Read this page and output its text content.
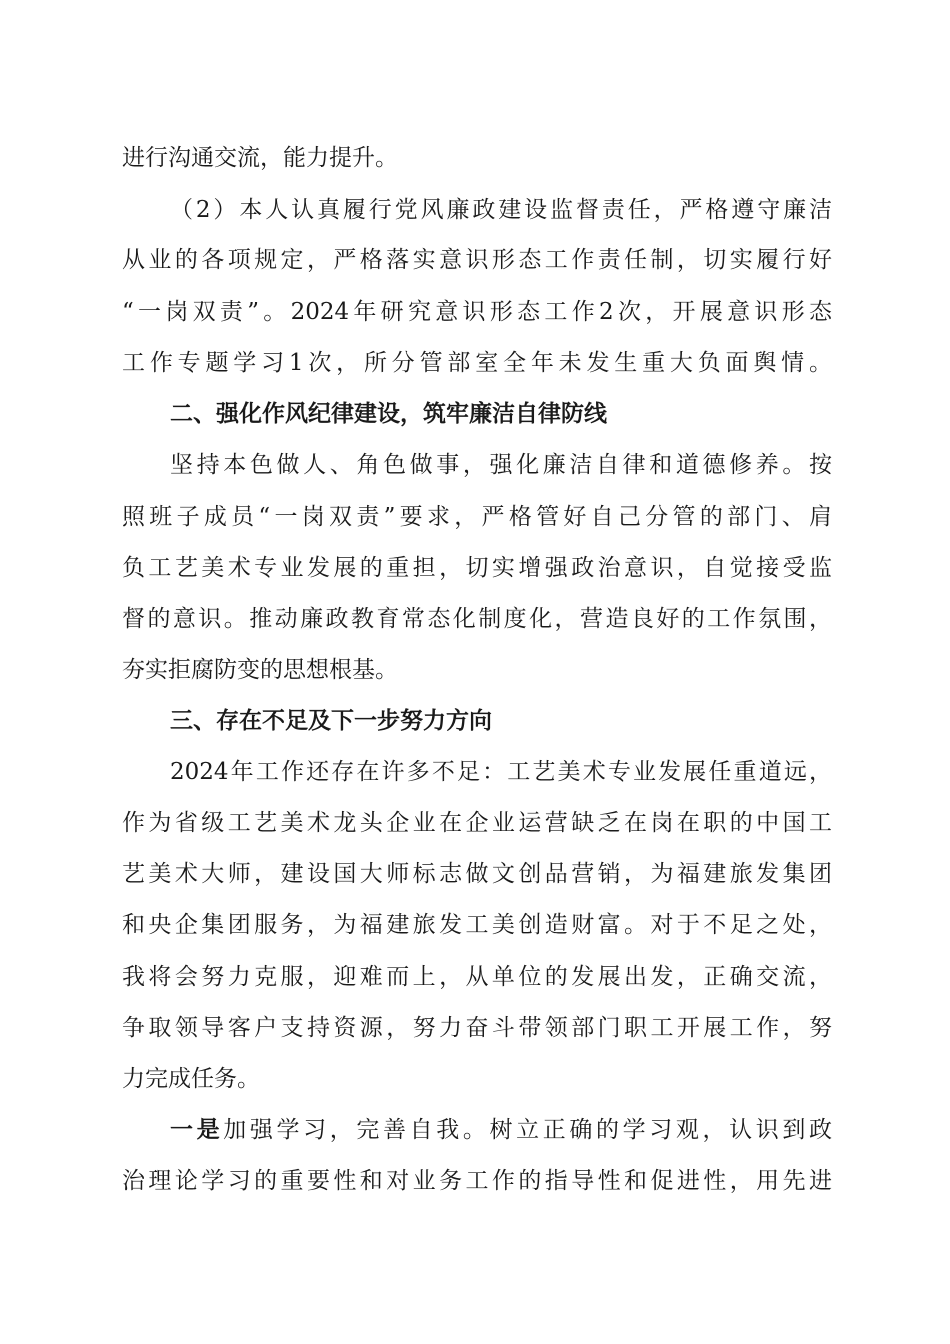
进行沟通交流，能力提升。
（2）本人认真履行党风廉政建设监督责任，严格遵守廉洁
从业的各项规定，严格落实意识形态工作责任制，切实履行好
“一岗双责”。2024年研究意识形态工作2次，开展意识形态
工作专题学习1次，所分管部室全年未发生重大负面舆情。
二、强化作风纪律建设，筑牢廉洁自律防线
坚持本色做人、角色做事，强化廉洁自律和道德修养。按
照班子成员“一岗双责”要求，严格管好自己分管的部门、肩
负工艺美术专业发展的重担，切实增强政治意识，自觉接受监
督的意识。推动廉政教育常态化制度化，营造良好的工作氛围，
夯实拒腐防变的思想根基。
三、存在不足及下一步努力方向
2024年工作还存在许多不足：工艺美术专业发展任重道远，
作为省级工艺美术龙头企业在企业运营缺乏在岗在职的中国工
艺美术大师，建设国大师标志做文创品营销，为福建旅发集团
和央企集团服务，为福建旅发工美创造财富。对于不足之处，
我将会努力克服，迎难而上，从单位的发展出发，正确交流，
争取领导客户支持资源，努力奋斗带领部门职工开展工作，努
力完成任务。
一是加强学习，完善自我。树立正确的学习观，认识到政
治理论学习的重要性和对业务工作的指导性和促进性，用先进
